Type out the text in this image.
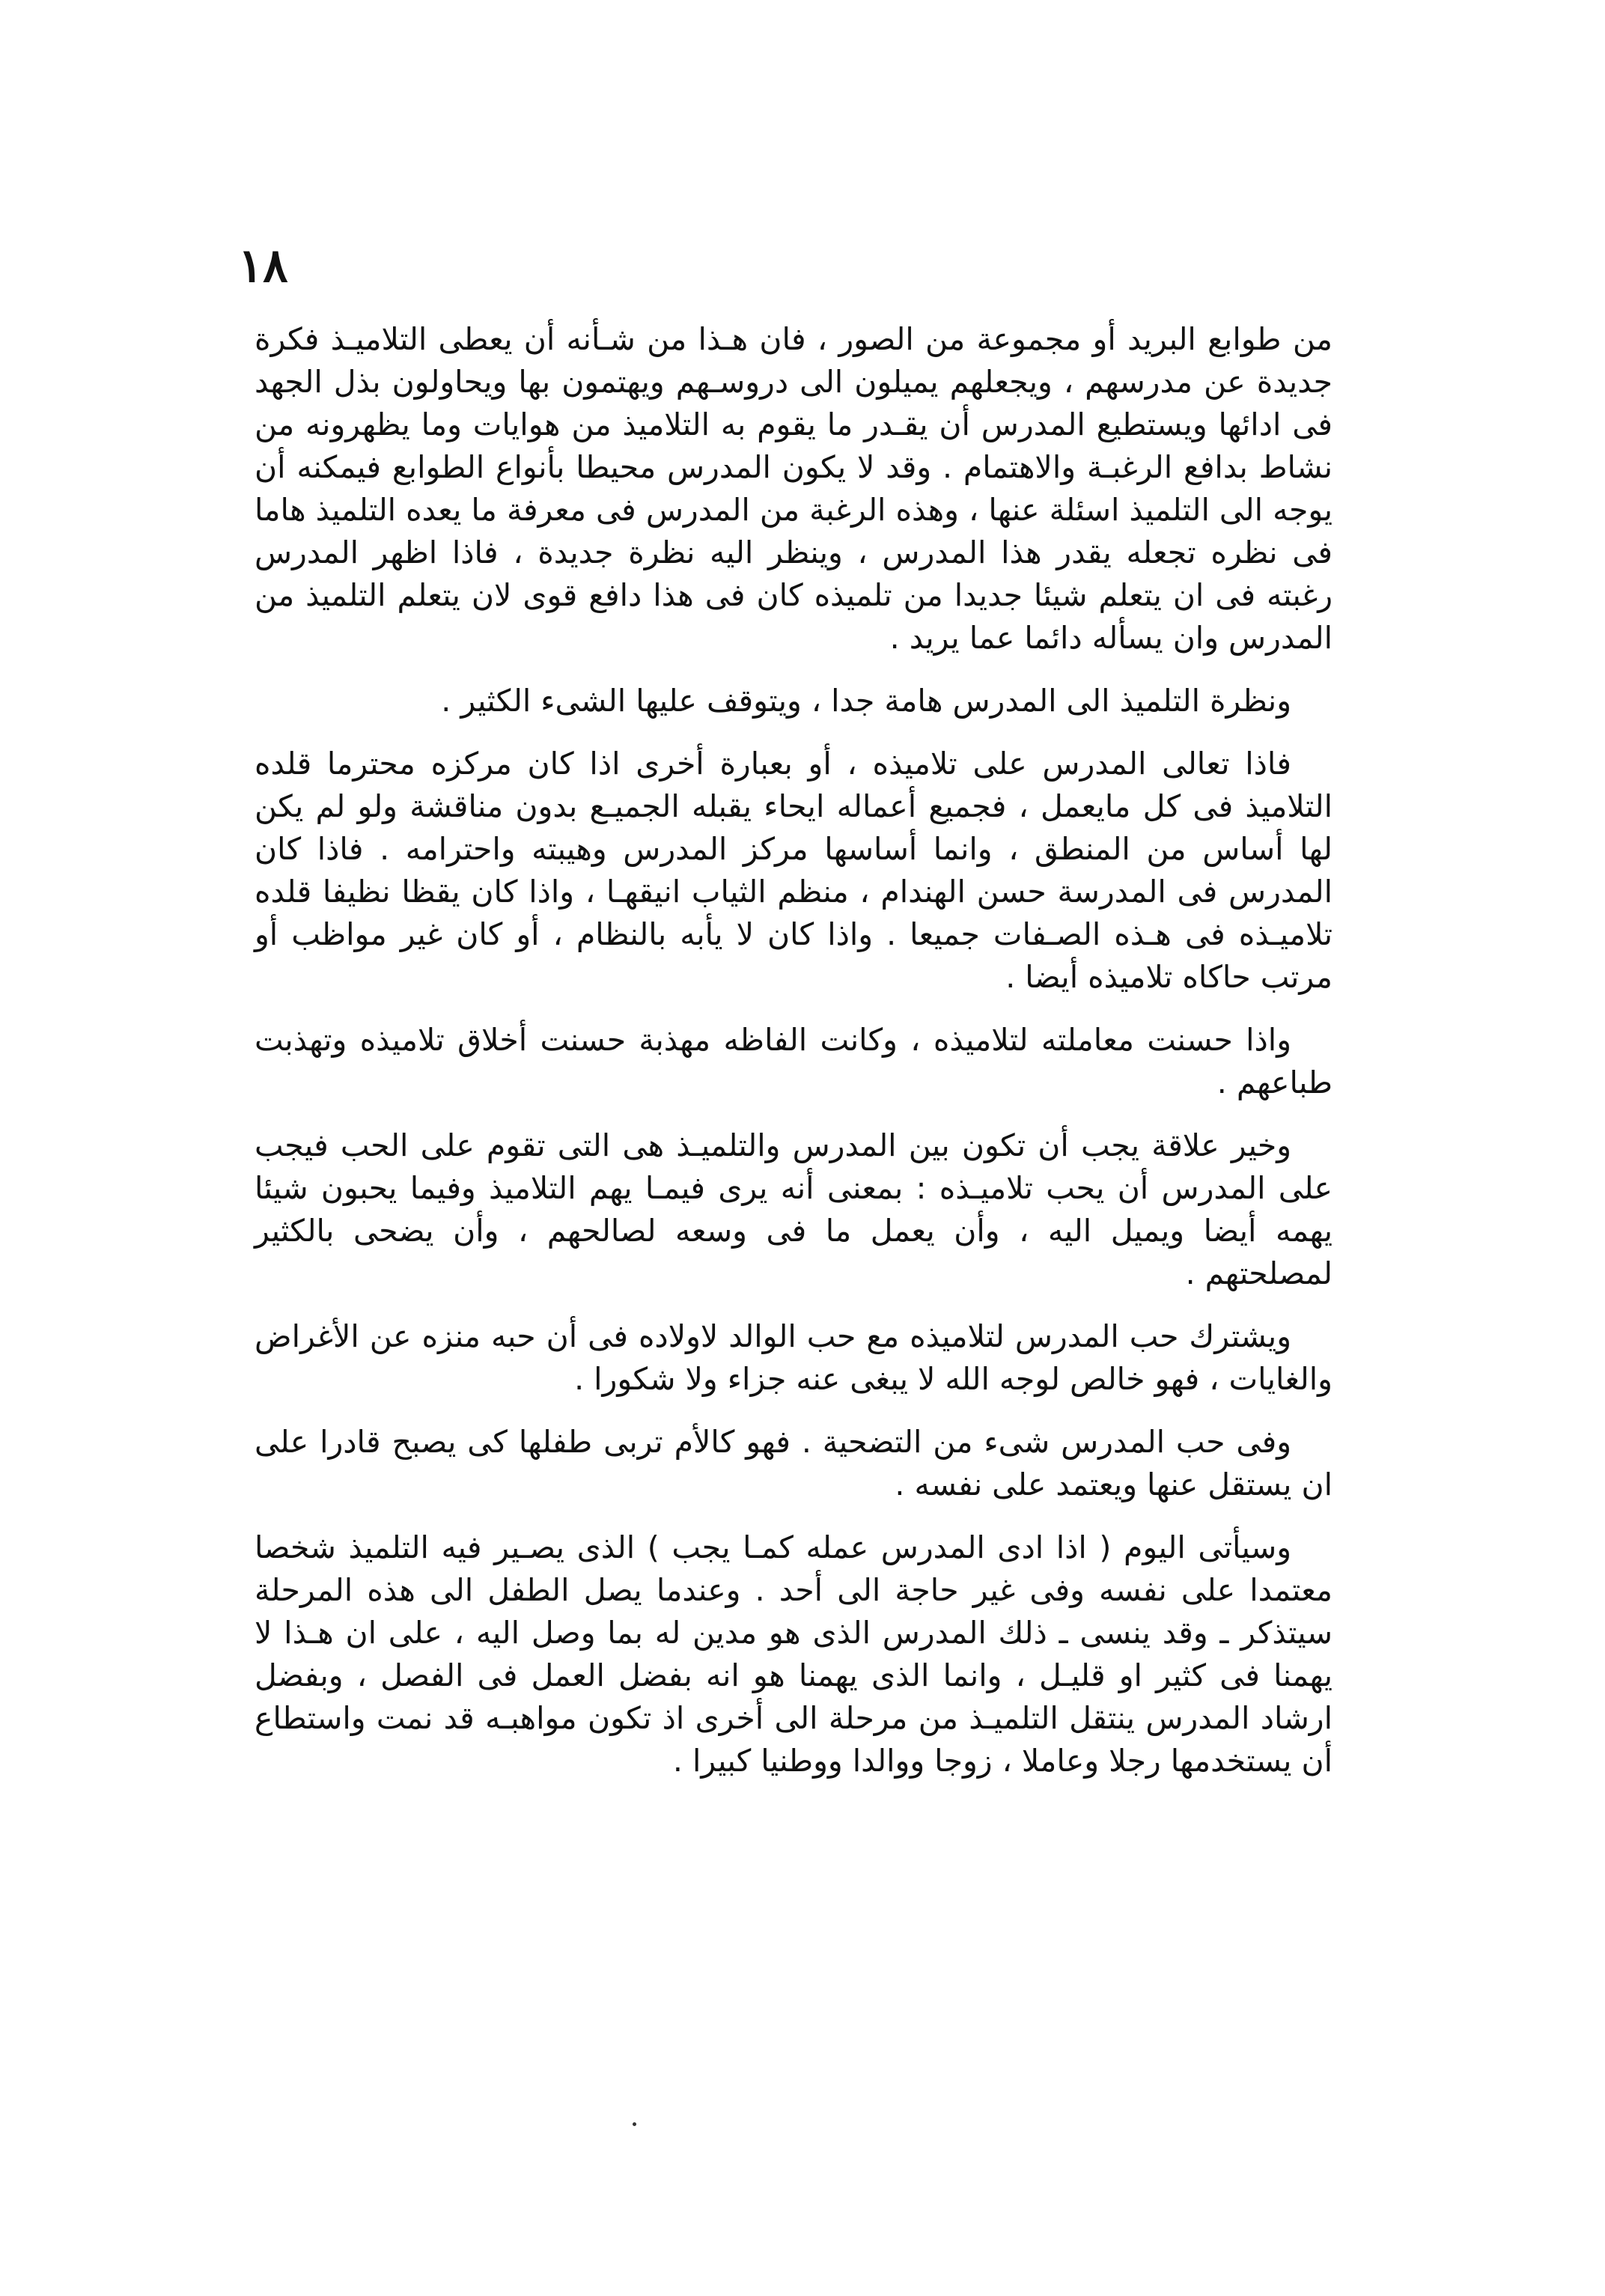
١٨

من طوابع البريد أو مجموعة من الصور ، فان هـذا من شـأنه أن يعطى التلاميـذ فكرة جديدة عن مدرسهم ، ويجعلهم يميلون الى دروسـهم ويهتمون بها ويحاولون بذل الجهد فى ادائها ويستطيع المدرس أن يقـدر ما يقوم به التلاميذ من هوايات وما يظهرونه من نشاط بدافع الرغبـة والاهتمام . وقد لا يكون المدرس محيطا بأنواع الطوابع فيمكنه أن يوجه الى التلميذ اسئلة عنها ، وهذه الرغبة من المدرس فى معرفة ما يعده التلميذ هاما فى نظره تجعله يقدر هذا المدرس ، وينظر اليه نظرة جديدة ، فاذا اظهر المدرس رغبته فى ان يتعلم شيئا جديدا من تلميذه كان فى هذا دافع قوى لان يتعلم التلميذ من المدرس وان يسأله دائما عما يريد .

ونظرة التلميذ الى المدرس هامة جدا ، ويتوقف عليها الشىء الكثير .

فاذا تعالى المدرس على تلاميذه ، أو بعبارة أخرى اذا كان مركزه محترما قلده التلاميذ فى كل مايعمل ، فجميع أعماله ايحاء يقبله الجميـع بدون مناقشة ولو لم يكن لها أساس من المنطق ، وانما أساسها مركز المدرس وهيبته واحترامه . فاذا كان المدرس فى المدرسة حسن الهندام ، منظم الثياب انيقهـا ، واذا كان يقظا نظيفا قلده تلاميـذه فى هـذه الصـفات جميعا . واذا كان لا يأبه بالنظام ، أو كان غير مواظب أو مرتب حاكاه تلاميذه أيضا .

واذا حسنت معاملته لتلاميذه ، وكانت الفاظه مهذبة حسنت أخلاق تلاميذه وتهذبت طباعهم .

وخير علاقة يجب أن تكون بين المدرس والتلميـذ هى التى تقوم على الحب فيجب على المدرس أن يحب تلاميـذه : بمعنى أنه يرى فيمـا يهم التلاميذ وفيما يحبون شيئا يهمه أيضا ويميل اليه ، وأن يعمل ما فى وسعه لصالحهم ، وأن يضحى بالكثير لمصلحتهم .

ويشترك حب المدرس لتلاميذه مع حب الوالد لاولاده فى أن حبه منزه عن الأغراض والغايات ، فهو خالص لوجه الله لا يبغى عنه جزاء ولا شكورا .

وفى حب المدرس شىء من التضحية . فهو كالأم تربى طفلها كى يصبح قادرا على ان يستقل عنها ويعتمد على نفسه .

وسيأتى اليوم ( اذا ادى المدرس عمله كمـا يجب ) الذى يصـير فيه التلميذ شخصا معتمدا على نفسه وفى غير حاجة الى أحد . وعندما يصل الطفل الى هذه المرحلة سيتذكر ـ وقد ينسى ـ ذلك المدرس الذى هو مدين له بما وصل اليه ، على ان هـذا لا يهمنا فى كثير او قليـل ، وانما الذى يهمنا هو انه بفضل العمل فى الفصل ، وبفضل ارشاد المدرس ينتقل التلميـذ من مرحلة الى أخرى اذ تكون مواهبـه قد نمت واستطاع أن يستخدمها رجلا وعاملا ، زوجا ووالدا ووطنيا كبيرا .
